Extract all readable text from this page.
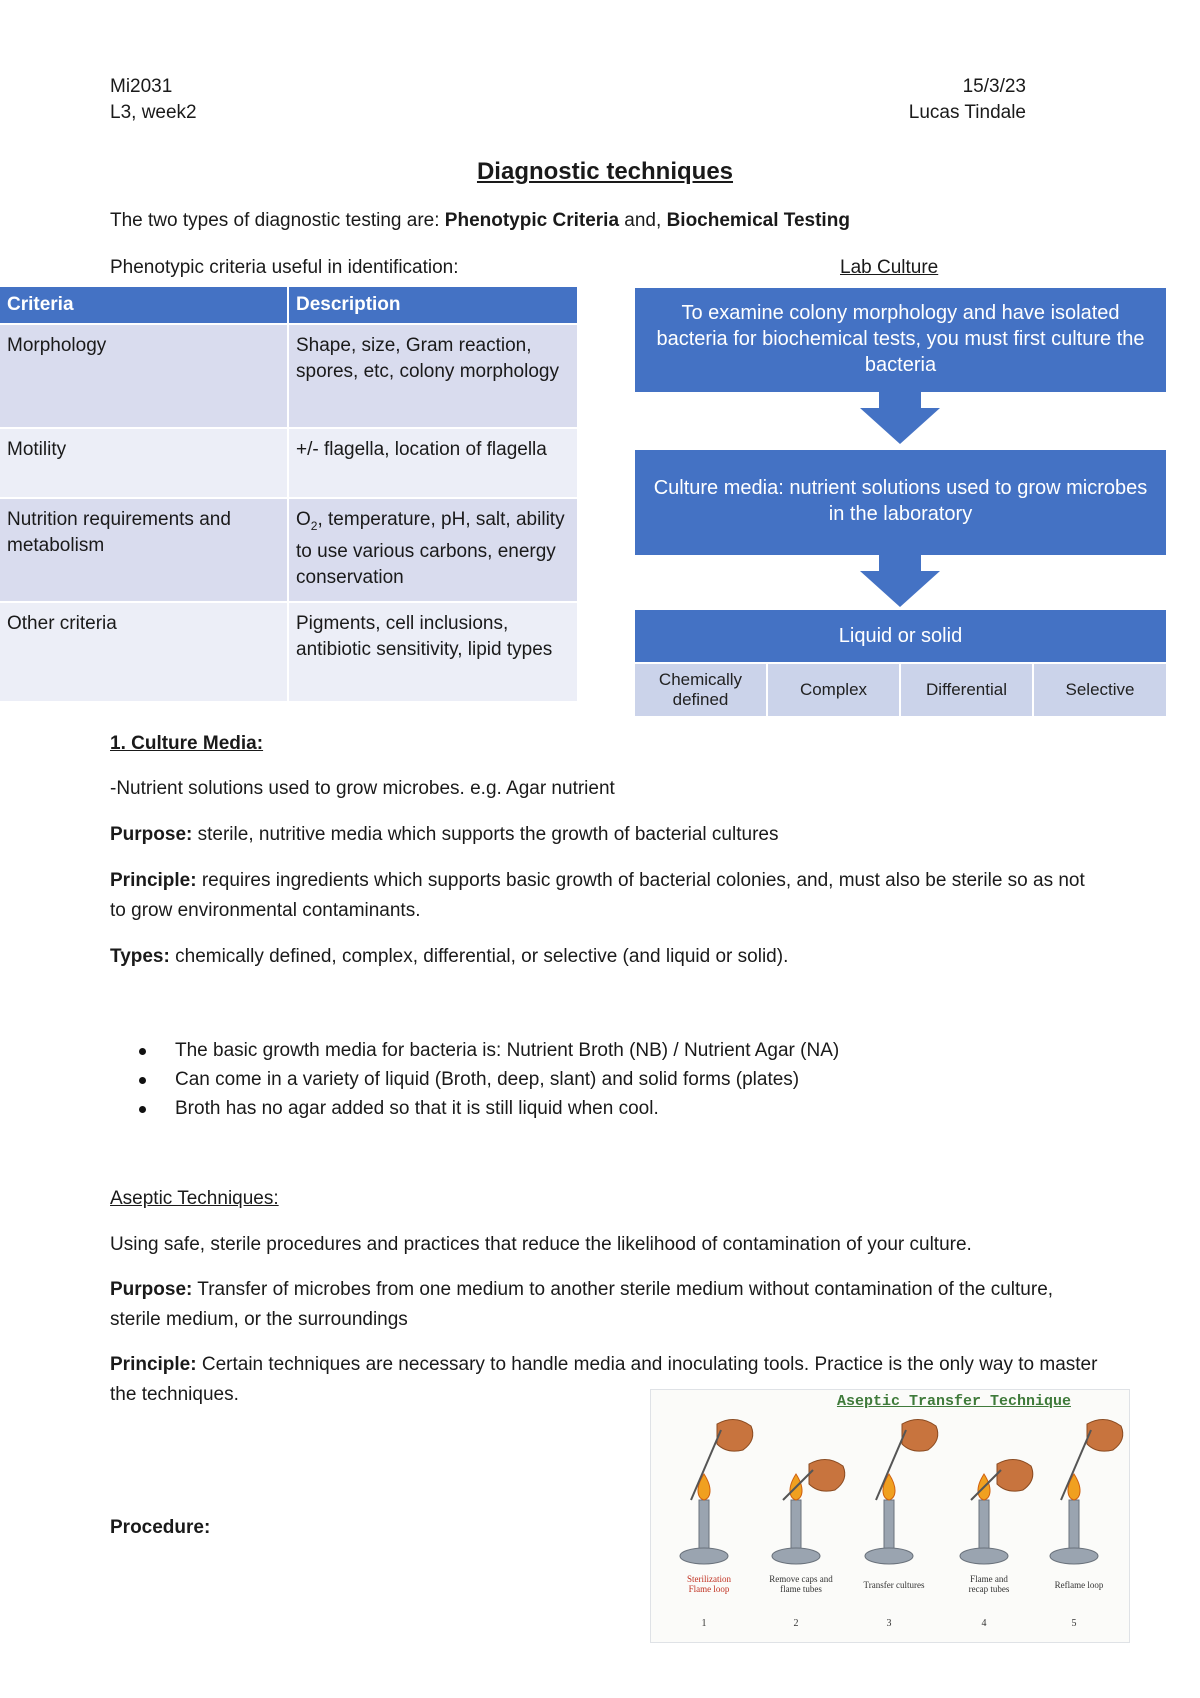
Mi2031
L3, week2
15/3/23
Lucas Tindale
Diagnostic techniques
The two types of diagnostic testing are: Phenotypic Criteria and, Biochemical Testing
Phenotypic criteria useful in identification:
Criteria	Description
Morphology	Shape, size, Gram reaction, spores, etc, colony morphology
Motility	+/- flagella, location of flagella
Nutrition requirements and metabolism	$O_2$, temperature, pH, salt, ability to use various carbons, energy conservation
Other criteria	Pigments, cell inclusions, antibiotic sensitivity, lipid types
Lab Culture
To examine colony morphology and have isolated bacteria for biochemical tests, you must first culture the bacteria
Culture media: nutrient solutions used to grow microbes in the laboratory
Liquid or solid
Chemically defined
Complex	Differential	Selective
1. Culture Media:
-Nutrient solutions used to grow microbes. e.g. Agar nutrient
Purpose: sterile, nutritive media which supports the growth of bacterial cultures
Principle: requires ingredients which supports basic growth of bacterial colonies, and, must also be sterile so as not to grow environmental contaminants.
Types: chemically defined, complex, differential, or selective (and liquid or solid).
The basic growth media for bacteria is: Nutrient Broth (NB) / Nutrient Agar (NA)
Can come in a variety of liquid (Broth, deep, slant) and solid forms (plates)
Broth has no agar added so that it is still liquid when cool.
Aseptic Techniques:
Using safe, sterile procedures and practices that reduce the likelihood of contamination of your culture.
Purpose: Transfer of microbes from one medium to another sterile medium without contamination of the culture, sterile medium, or the surroundings
Principle: Certain techniques are necessary to handle media and inoculating tools. Practice is the only way to master the techniques.
Procedure:
Aseptic Transfer Technique
Sterilization
Flame loop
1
Remove caps and
flame tubes
2
Transfer cultures
3
Flame and
recap tubes
4
Reflame loop
5
